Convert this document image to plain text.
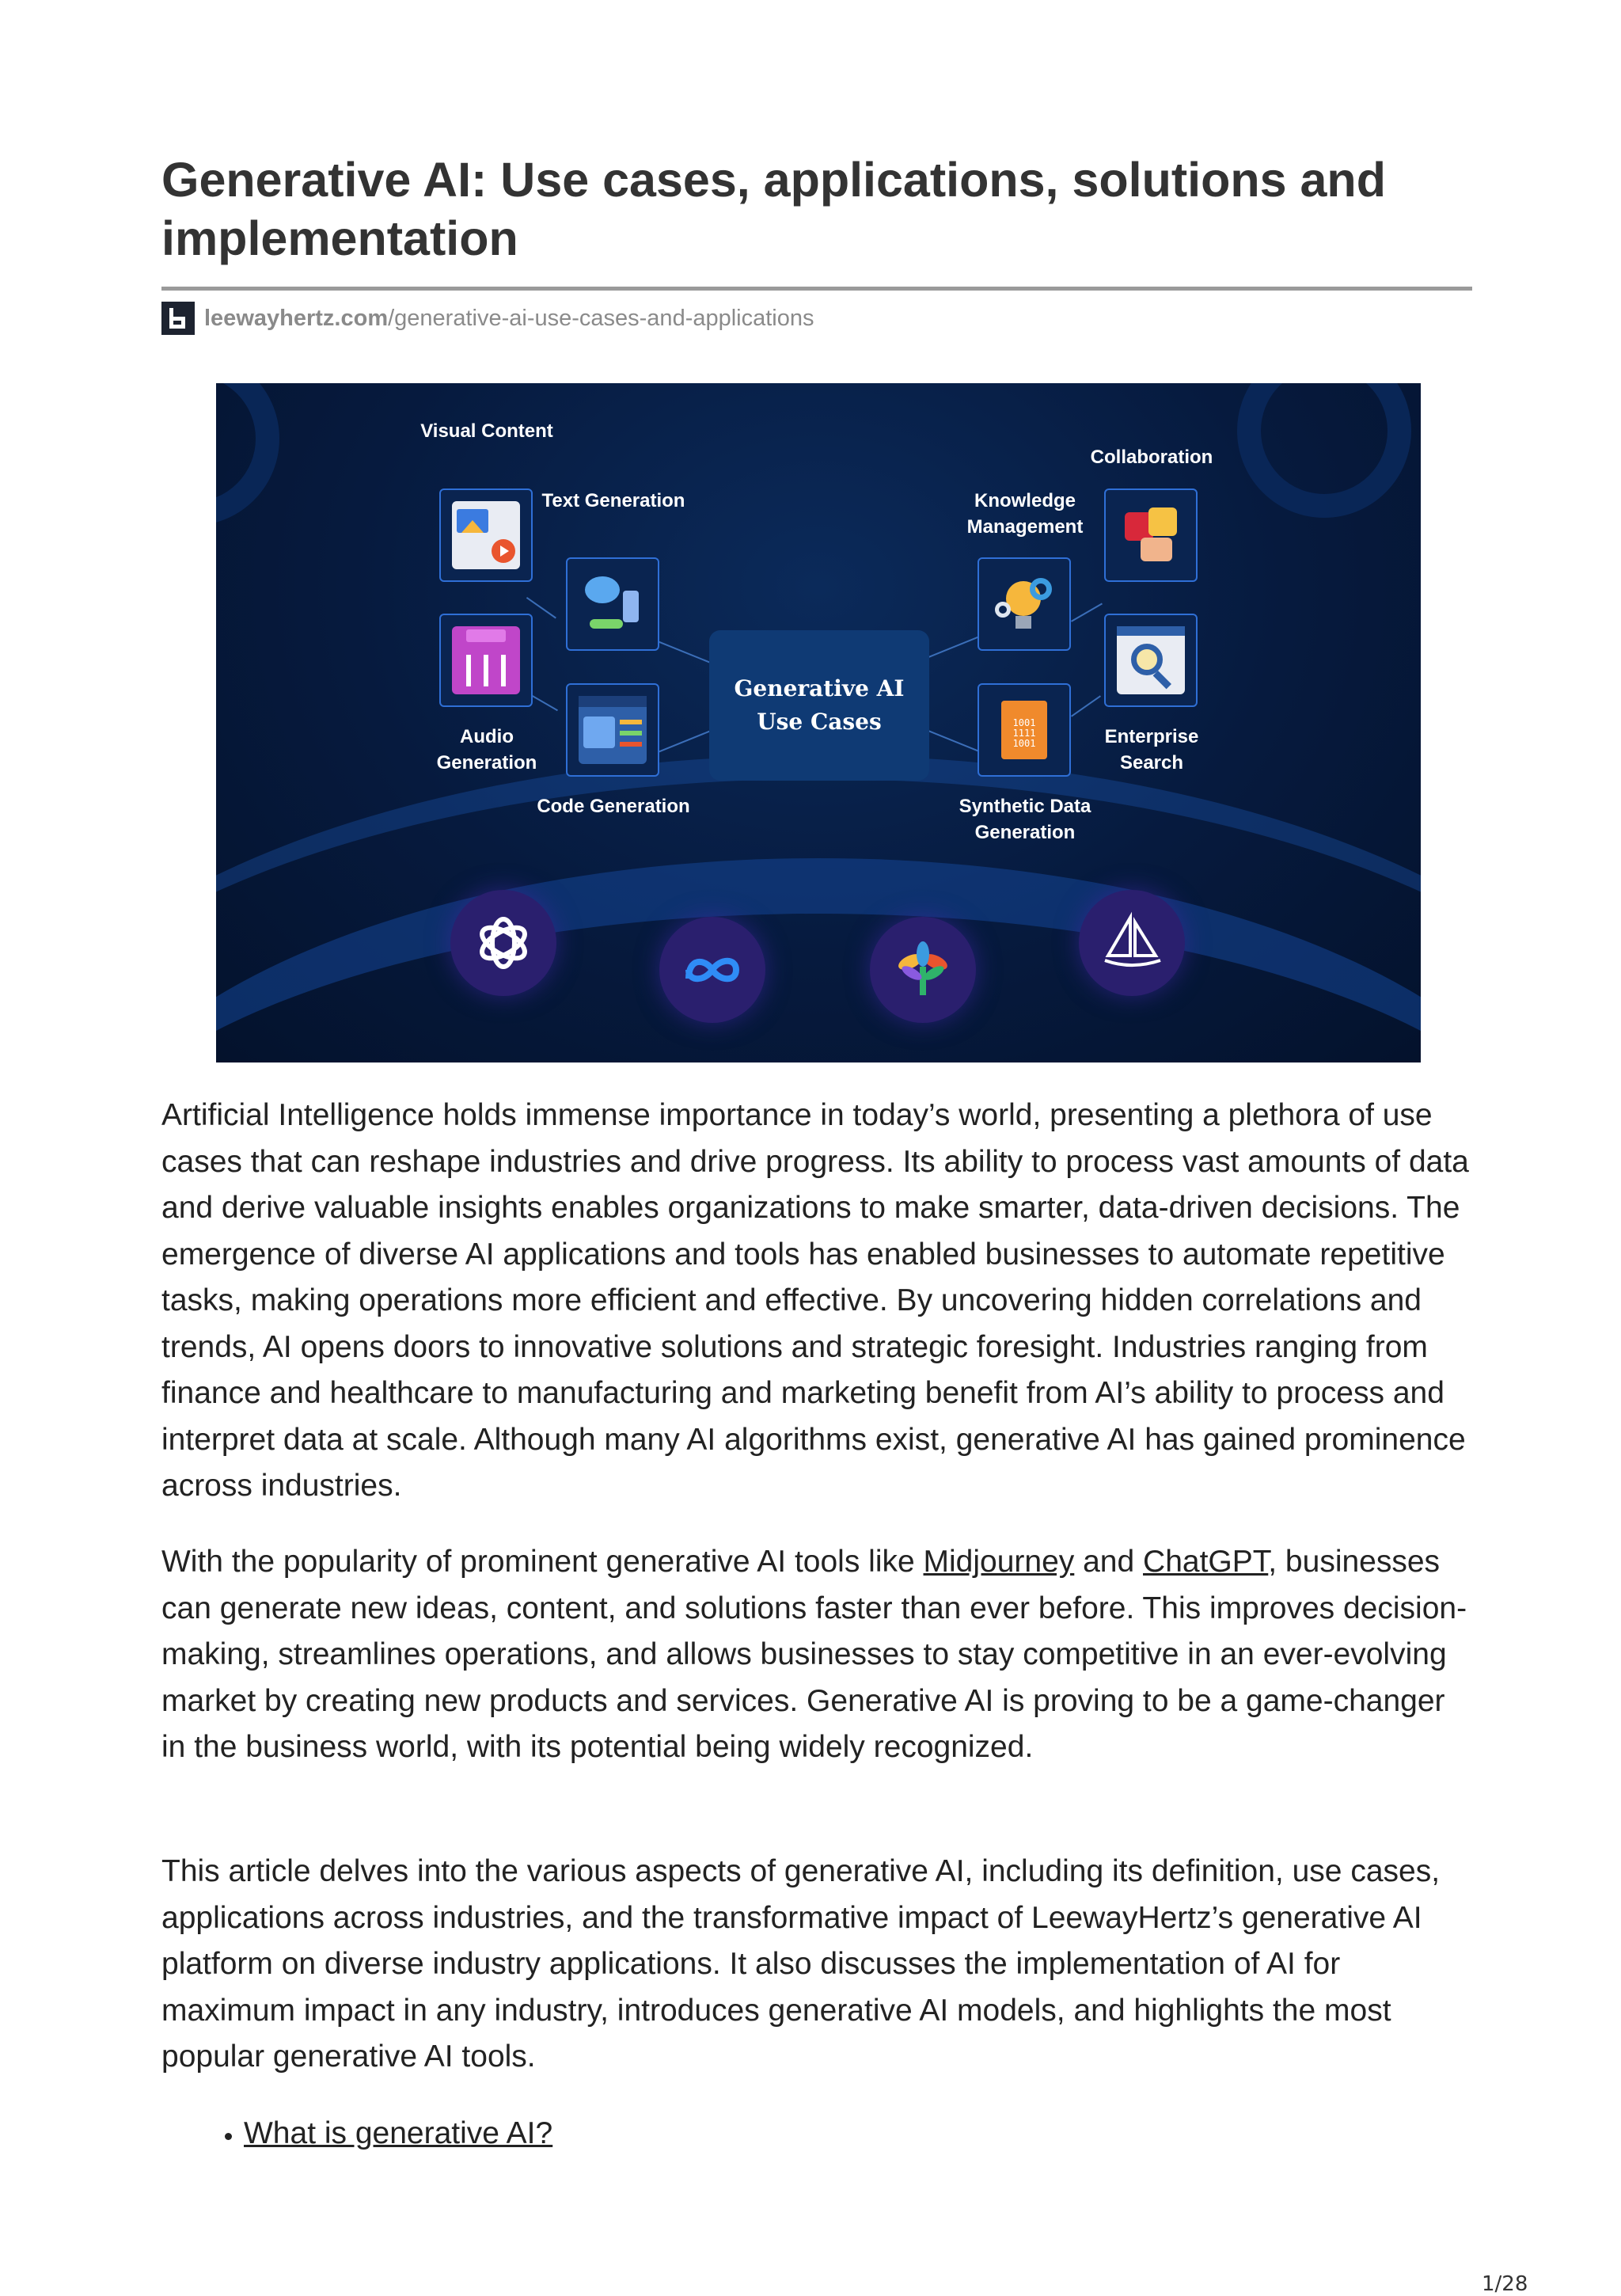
Generative AI: Use cases, applications, solutions and implementation
leewayhertz.com /generative-ai-use-cases-and-applications
Generative AI Use Cases
Visual Content
Text Generation
Audio Generation
Code Generation
Collaboration
Knowledge Management
Enterprise Search
Synthetic Data Generation
1001
1111
1001

Artificial Intelligence holds immense importance in today’s world, presenting a plethora of use cases that can reshape industries and drive progress. Its ability to process vast amounts of data and derive valuable insights enables organizations to make smarter, data-driven decisions. The emergence of diverse AI applications and tools has enabled businesses to automate repetitive tasks, making operations more efficient and effective. By uncovering hidden correlations and trends, AI opens doors to innovative solutions and strategic foresight. Industries ranging from finance and healthcare to manufacturing and marketing benefit from AI’s ability to process and interpret data at scale. Although many AI algorithms exist, generative AI has gained prominence across industries.

With the popularity of prominent generative AI tools like Midjourney and ChatGPT, businesses can generate new ideas, content, and solutions faster than ever before. This improves decision-making, streamlines operations, and allows businesses to stay competitive in an ever-evolving market by creating new products and services. Generative AI is proving to be a game-changer in the business world, with its potential being widely recognized.

This article delves into the various aspects of generative AI, including its definition, use cases, applications across industries, and the transformative impact of LeewayHertz’s generative AI platform on diverse industry applications. It also discusses the implementation of AI for maximum impact in any industry, introduces generative AI models, and highlights the most popular generative AI tools.

• What is generative AI?
1/28
